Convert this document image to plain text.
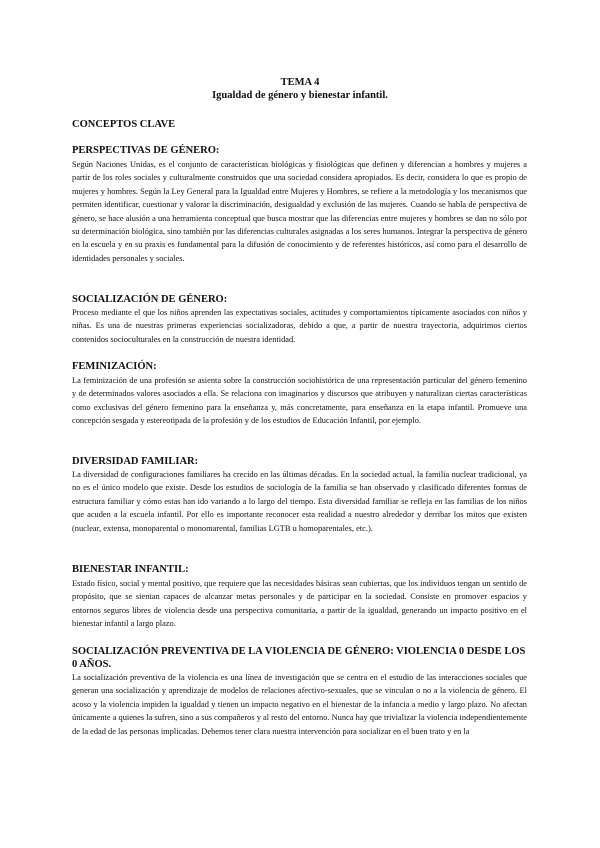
TEMA 4
Igualdad de género y bienestar infantil.
CONCEPTOS CLAVE
PERSPECTIVAS DE GÉNERO:
Según Naciones Unidas, es el conjunto de características biológicas y fisiológicas que definen y diferencian a hombres y mujeres a partir de los roles sociales y culturalmente construidos que una sociedad considera apropiados. Es decir, considera lo que es propio de mujeres y hombres. Según la Ley General para la Igualdad entre Mujeres y Hombres, se refiere a la metodología y los mecanismos que permiten identificar, cuestionar y valorar la discriminación, desigualdad y exclusión de las mujeres. Cuando se habla de perspectiva de género, se hace alusión a una herramienta conceptual que busca mostrar que las diferencias entre mujeres y hombres se dan no sólo por su determinación biológica, sino también por las diferencias culturales asignadas a los seres humanos. Integrar la perspectiva de género en la escuela y en su praxis es fundamental para la difusión de conocimiento y de referentes históricos, así como para el desarrollo de identidades personales y sociales.
SOCIALIZACIÓN DE GÉNERO:
Proceso mediante el que los niños aprenden las expectativas sociales, actitudes y comportamientos típicamente asociados con niños y niñas. Es una de nuestras primeras experiencias socializadoras, debido a que, a partir de nuestra trayectoria, adquirimos ciertos contenidos socioculturales en la construcción de nuestra identidad.
FEMINIZACIÓN:
La feminización de una profesión se asienta sobre la construcción sociohistórica de una representación particular del género femenino y de determinados valores asociados a ella. Se relaciona con imaginarios y discursos que atribuyen y naturalizan ciertas características como exclusivas del género femenino para la enseñanza y, más concretamente, para enseñanza en la etapa infantil. Promueve una concepción sesgada y estereotipada de la profesión y de los estudios de Educación Infantil, por ejemplo.
DIVERSIDAD FAMILIAR:
La diversidad de configuraciones familiares ha crecido en las últimas décadas. En la sociedad actual, la familia nuclear tradicional, ya no es el único modelo que existe. Desde los estudios de sociología de la familia se han observado y clasificado diferentes formas de estructura familiar y cómo estas han ido variando a lo largo del tiempo. Esta diversidad familiar se refleja en las familias de los niños que acuden a la escuela infantil. Por ello es importante reconocer esta realidad a nuestro alrededor y derribar los mitos que existen (nuclear, extensa, monoparental o monomarental, familias LGTB u homoparentales, etc.).
BIENESTAR INFANTIL:
Estado físico, social y mental positivo, que requiere que las necesidades básicas sean cubiertas, que los individuos tengan un sentido de propósito, que se sientan capaces de alcanzar metas personales y de participar en la sociedad. Consiste en promover espacios y entornos seguros libres de violencia desde una perspectiva comunitaria, a partir de la igualdad, generando un impacto positivo en el bienestar infantil a largo plazo.
SOCIALIZACIÓN PREVENTIVA DE LA VIOLENCIA DE GÉNERO: VIOLENCIA 0 DESDE LOS 0 AÑOS.
La socialización preventiva de la violencia es una línea de investigación que se centra en el estudio de las interacciones sociales que generan una socialización y aprendizaje de modelos de relaciones afectivo-sexuales, que se vinculan o no a la violencia de género. El acoso y la violencia impiden la igualdad y tienen un impacto negativo en el bienestar de la infancia a medio y largo plazo. No afectan únicamente a quienes la sufren, sino a sus compañeros y al resto del entorno. Nunca hay que trivializar la violencia independientemente de la edad de las personas implicadas. Debemos tener clara nuestra intervención para socializar en el buen trato y en la
